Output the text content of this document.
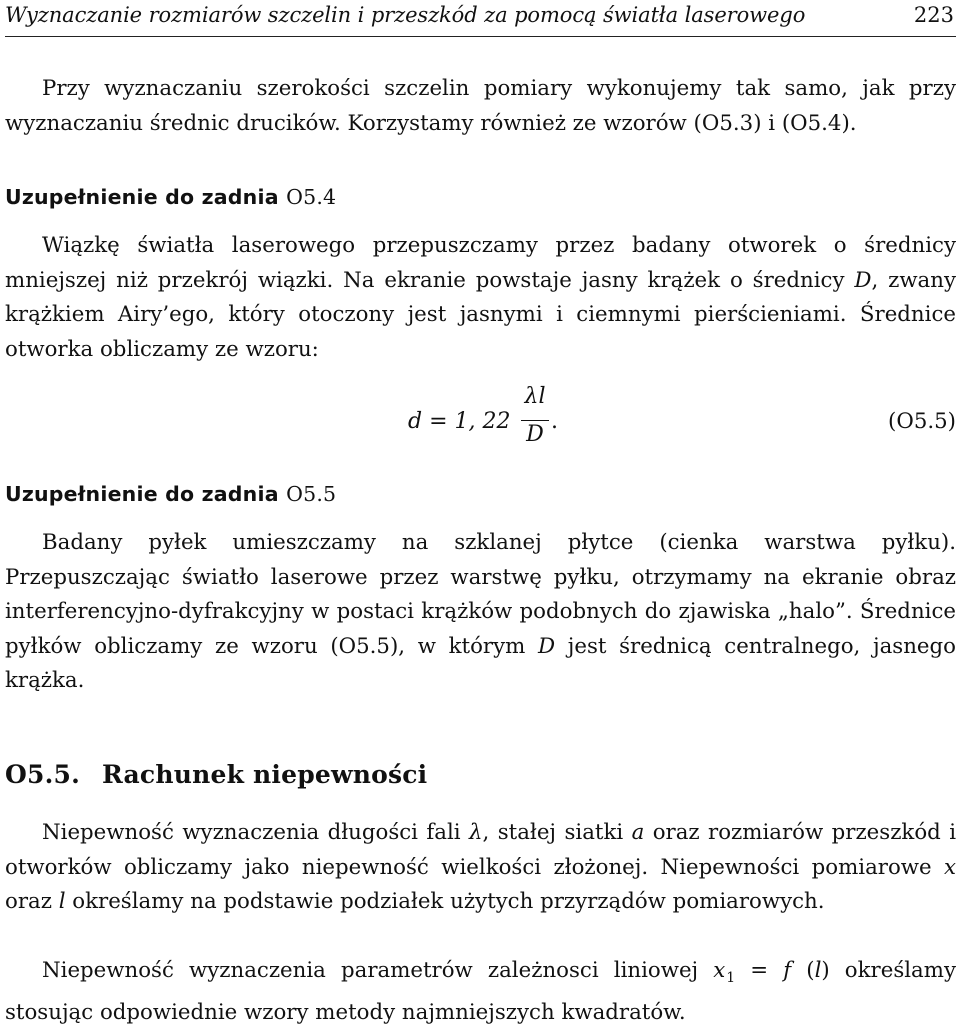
Wyznaczanie rozmiarów szczelin i przeszkód za pomocą światła laserowego	223

Przy wyznaczaniu szerokości szczelin pomiary wykonujemy tak samo, jak przy wyznaczaniu średnic drucików. Korzystamy również ze wzorów (O5.3) i (O5.4).

Uzupełnienie do zadnia O5.4

Wiązkę światła laserowego przepuszczamy przez badany otworek o średnicy mniejszej niż przekrój wiązki. Na ekranie powstaje jasny krążek o średnicy D, zwany krążkiem Airy’ego, który otoczony jest jasnymi i ciemnymi pierścieniami. Średnice otworka obliczamy ze wzoru:

d = 1, 22
λl
D
.	(O5.5)
Uzupełnienie do zadnia O5.5

Badany pyłek umieszczamy na szklanej płytce (cienka warstwa pyłku). Przepuszczając światło laserowe przez warstwę pyłku, otrzymamy na ekranie obraz interferencyjno-dyfrakcyjny w postaci krążków podobnych do zjawiska „halo”. Średnice pyłków obliczamy ze wzoru (O5.5), w którym D jest średnicą centralnego, jasnego krążka.

O5.5. Rachunek niepewności

Niepewność wyznaczenia długości fali λ, stałej siatki a oraz rozmiarów przeszkód i otworków obliczamy jako niepewność wielkości złożonej. Niepewności pomiarowe x oraz l określamy na podstawie podziałek użytych przyrządów pomiarowych.

Niepewność wyznaczenia parametrów zależnosci liniowej $x_1 = f$ (l) określamy stosując odpowiednie wzory metody najmniejszych kwadratów.
